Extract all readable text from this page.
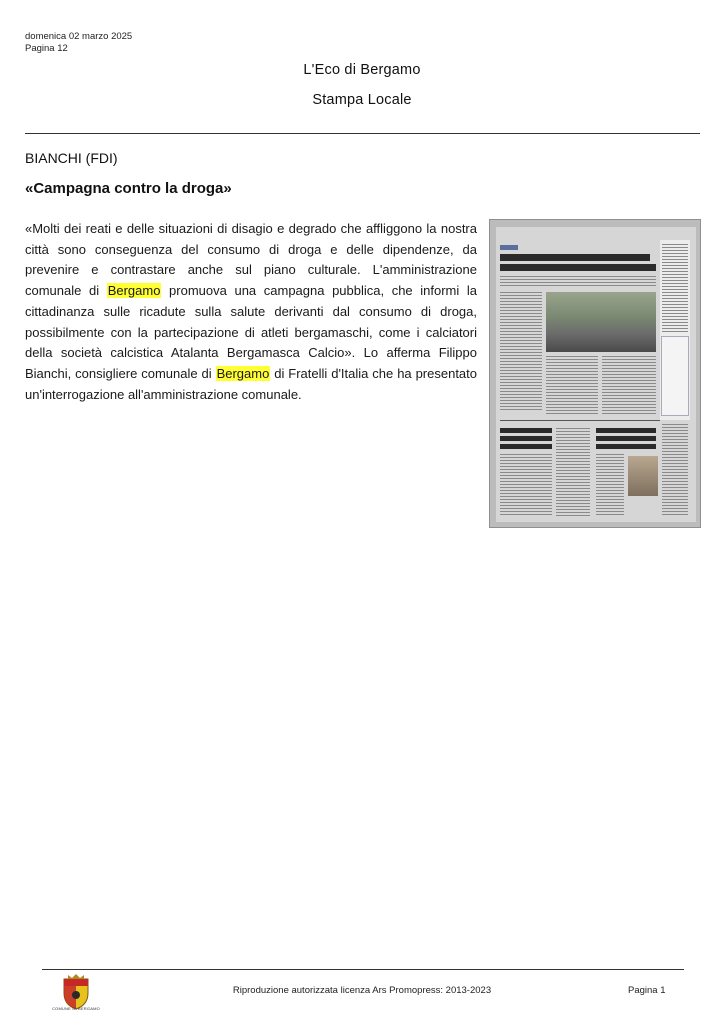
domenica 02 marzo 2025
Pagina 12
L'Eco di Bergamo
Stampa Locale
BIANCHI (FDI)
«Campagna contro la droga»
«Molti dei reati e delle situazioni di disagio e degrado che affliggono la nostra città sono conseguenza del consumo di droga e delle dipendenze, da prevenire e contrastare anche sul piano culturale. L'amministrazione comunale di Bergamo promuova una campagna pubblica, che informi la cittadinanza sulle ricadute sulla salute derivanti dal consumo di droga, possibilmente con la partecipazione di atleti bergamaschi, come i calciatori della società calcistica Atalanta Bergamasca Calcio». Lo afferma Filippo Bianchi, consigliere comunale di Bergamo di Fratelli d'Italia che ha presentato un'interrogazione all'amministrazione comunale.
COMUNE DI BERGAMO
Riproduzione autorizzata licenza Ars Promopress: 2013-2023	Pagina 1
